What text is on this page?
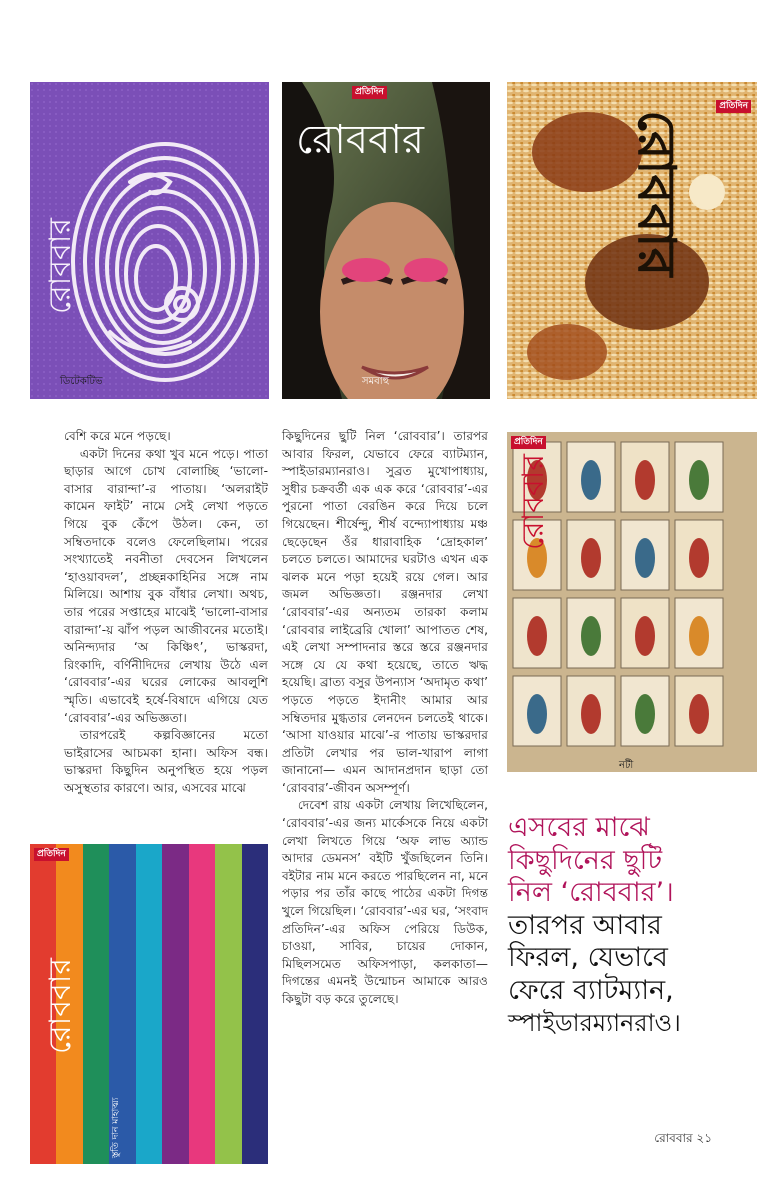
রোববার
ডিটেকটিভ
প্রতিদিন
রোববার
সমবাহু
প্রতিদিন
রোববার
প্রতিদিন
রোববার
নটী
প্রতিদিন
রোববার
স্তুতি দান মাহাত্ম্য

বেশি করে মনে পড়ছে।

একটা দিনের কথা খুব মনে পড়ে। পাতা ছাড়ার আগে চোখ বোলাচ্ছি ‘ভালো-বাসার বারান্দা’-র পাতায়। ‘অলরাইট কামেন ফাইট’ নামে সেই লেখা পড়তে গিয়ে বুক কেঁপে উঠল। কেন, তা সম্বিতদাকে বলেও ফেলেছিলাম। পরের সংখ্যাতেই নবনীতা দেবসেন লিখলেন ‘হাওয়াবদল’, প্রচ্ছন্নকাহিনির সঙ্গে নাম মিলিয়ে। আশায় বুক বাঁধার লেখা। অথচ, তার পরের সপ্তাহের মাঝেই ‘ভালো-বাসার বারান্দা’-য় ঝাঁপ পড়ল আজীবনের মতোই। অনিন্দ্যদার ‘অ কিঞ্চিৎ’, ভাস্করদা, রিংকাদি, বর্ণিনীদিদের লেখায় উঠে এল ‘রোববার’-এর ঘরের লোকের আবলুশি স্মৃতি। এভাবেই হর্ষে-বিষাদে এগিয়ে যেত ‘রোববার’-এর অভিজ্ঞতা।

তারপরেই কল্পবিজ্ঞানের মতো ভাইরাসের আচমকা হানা। অফিস বন্ধ। ভাস্করদা কিছুদিন অনুপস্থিত হয়ে পড়ল অসুস্থতার কারণে। আর, এসবের মাঝে

কিছুদিনের ছুটি নিল ‘রোববার’। তারপর আবার ফিরল, যেভাবে ফেরে ব্যাটম্যান, স্পাইডারম্যানরাও। সুব্রত মুখোপাধ্যায়, সুধীর চক্রবর্তী এক এক করে ‘রোববার’-এর পুরনো পাতা বেরঙিন করে দিয়ে চলে গিয়েছেন। শীর্ষেন্দু, শীর্ষ বন্দ্যোপাধ্যায় মঞ্চ ছেড়েছেন ওঁর ধারাবাহিক ‘দ্রোহকাল’ চলতে চলতে। আমাদের ঘরটাও এখন এক ঝলক মনে পড়া হয়েই রয়ে গেল। আর জমল অভিজ্ঞতা। রঞ্জনদার লেখা ‘রোববার’-এর অন্যতম তারকা কলাম ‘রোববার লাইব্রেরি খোলা’ আপাতত শেষ, এই লেখা সম্পাদনার স্তরে স্তরে রঞ্জনদার সঙ্গে যে যে কথা হয়েছে, তাতে ঋদ্ধ হয়েছি। ব্রাত্য বসুর উপন্যাস ‘অদামৃত কথা’ পড়তে পড়তে ইদানীং আমার আর সম্বিতদার মুগ্ধতার লেনদেন চলতেই থাকে। ‘আসা যাওয়ার মাঝে’-র পাতায় ভাস্করদার প্রতিটা লেখার পর ভাল-খারাপ লাগা জানানো— এমন আদানপ্রদান ছাড়া তো ‘রোববার’-জীবন অসম্পূর্ণ।

দেবেশ রায় একটা লেখায় লিখেছিলেন, ‘রোববার’-এর জন্য মার্কেসকে নিয়ে একটা লেখা লিখতে গিয়ে ‘অফ লাভ অ্যান্ড আদার ডেমনস’ বইটি খুঁজছিলেন তিনি। বইটার নাম মনে করতে পারছিলেন না, মনে পড়ার পর তাঁর কাছে পাঠের একটা দিগন্ত খুলে গিয়েছিল। ‘রোববার’-এর ঘর, ‘সংবাদ প্রতিদিন’-এর অফিস পেরিয়ে ডিউক, চাওয়া, সাবির, চায়ের দোকান, মিছিলসমেত অফিসপাড়া, কলকাতা— দিগন্তের এমনই উন্মোচন আমাকে আরও কিছুটা বড় করে তুলেছে।

এসবের মাঝে
কিছুদিনের ছুটি
নিল ‘রোববার’।
তারপর আবার
ফিরল, যেভাবে
ফেরে ব্যাটম্যান,
স্পাইডারম্যানরাও।
রোববার ২১
